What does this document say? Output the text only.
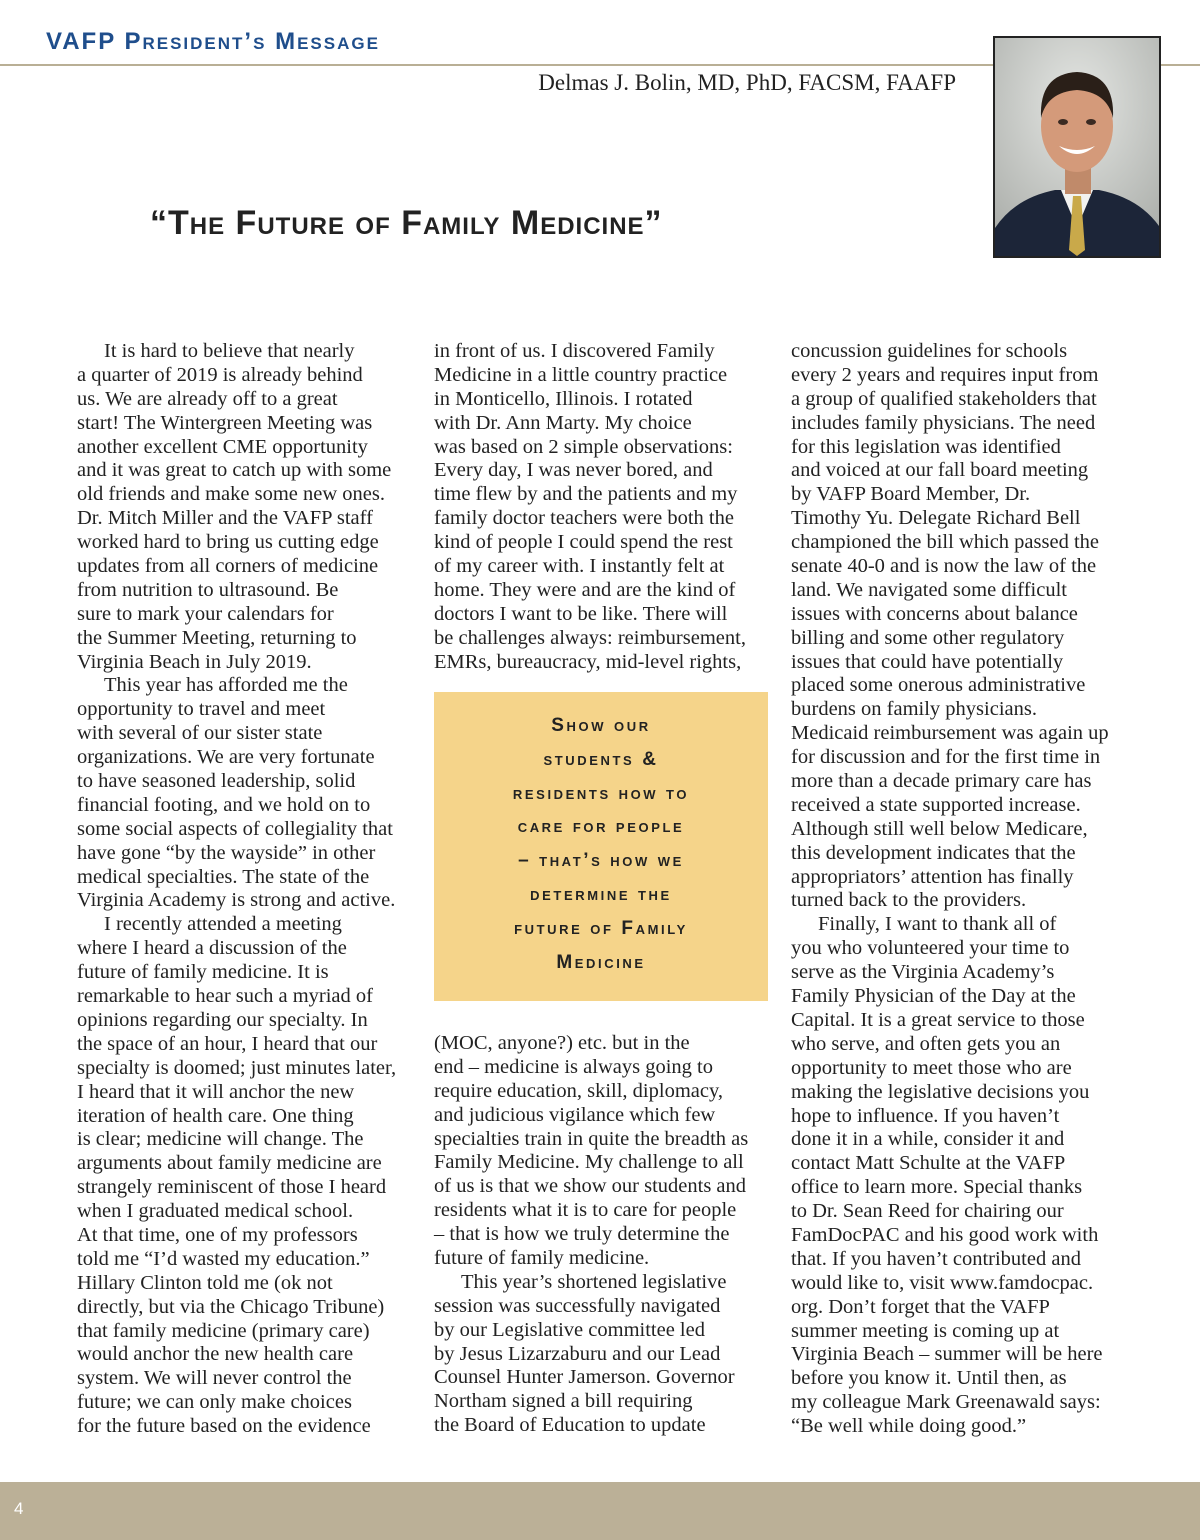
VAFP President’s Message
Delmas J. Bolin, MD, PhD, FACSM, FAAFP
“The Future of Family Medicine”
It is hard to believe that nearly
a quarter of 2019 is already behind
us. We are already off to a great
start! The Wintergreen Meeting was
another excellent CME opportunity
and it was great to catch up with some
old friends and make some new ones.
Dr. Mitch Miller and the VAFP staff
worked hard to bring us cutting edge
updates from all corners of medicine
from nutrition to ultrasound. Be
sure to mark your calendars for
the Summer Meeting, returning to
Virginia Beach in July 2019.
This year has afforded me the
opportunity to travel and meet
with several of our sister state
organizations. We are very fortunate
to have seasoned leadership, solid
financial footing, and we hold on to
some social aspects of collegiality that
have gone “by the wayside” in other
medical specialties. The state of the
Virginia Academy is strong and active.
I recently attended a meeting
where I heard a discussion of the
future of family medicine. It is
remarkable to hear such a myriad of
opinions regarding our specialty. In
the space of an hour, I heard that our
specialty is doomed; just minutes later,
I heard that it will anchor the new
iteration of health care. One thing
is clear; medicine will change. The
arguments about family medicine are
strangely reminiscent of those I heard
when I graduated medical school.
At that time, one of my professors
told me “I’d wasted my education.”
Hillary Clinton told me (ok not
directly, but via the Chicago Tribune)
that family medicine (primary care)
would anchor the new health care
system. We will never control the
future; we can only make choices
for the future based on the evidence
in front of us. I discovered Family
Medicine in a little country practice
in Monticello, Illinois. I rotated
with Dr. Ann Marty. My choice
was based on 2 simple observations:
Every day, I was never bored, and
time flew by and the patients and my
family doctor teachers were both the
kind of people I could spend the rest
of my career with. I instantly felt at
home. They were and are the kind of
doctors I want to be like. There will
be challenges always: reimbursement,
EMRs, bureaucracy, mid-level rights,
Show our
students &
residents how to
care for people
– that’s how we
determine the
future of Family
Medicine
(MOC, anyone?) etc. but in the
end – medicine is always going to
require education, skill, diplomacy,
and judicious vigilance which few
specialties train in quite the breadth as
Family Medicine. My challenge to all
of us is that we show our students and
residents what it is to care for people
– that is how we truly determine the
future of family medicine.
This year’s shortened legislative
session was successfully navigated
by our Legislative committee led
by Jesus Lizarzaburu and our Lead
Counsel Hunter Jamerson. Governor
Northam signed a bill requiring
the Board of Education to update
concussion guidelines for schools
every 2 years and requires input from
a group of qualified stakeholders that
includes family physicians. The need
for this legislation was identified
and voiced at our fall board meeting
by VAFP Board Member, Dr.
Timothy Yu. Delegate Richard Bell
championed the bill which passed the
senate 40-0 and is now the law of the
land. We navigated some difficult
issues with concerns about balance
billing and some other regulatory
issues that could have potentially
placed some onerous administrative
burdens on family physicians.
Medicaid reimbursement was again up
for discussion and for the first time in
more than a decade primary care has
received a state supported increase.
Although still well below Medicare,
this development indicates that the
appropriators’ attention has finally
turned back to the providers.
Finally, I want to thank all of
you who volunteered your time to
serve as the Virginia Academy’s
Family Physician of the Day at the
Capital. It is a great service to those
who serve, and often gets you an
opportunity to meet those who are
making the legislative decisions you
hope to influence. If you haven’t
done it in a while, consider it and
contact Matt Schulte at the VAFP
office to learn more. Special thanks
to Dr. Sean Reed for chairing our
FamDocPAC and his good work with
that. If you haven’t contributed and
would like to, visit www.famdocpac.
org. Don’t forget that the VAFP
summer meeting is coming up at
Virginia Beach – summer will be here
before you know it. Until then, as
my colleague Mark Greenawald says:
“Be well while doing good.”
4
